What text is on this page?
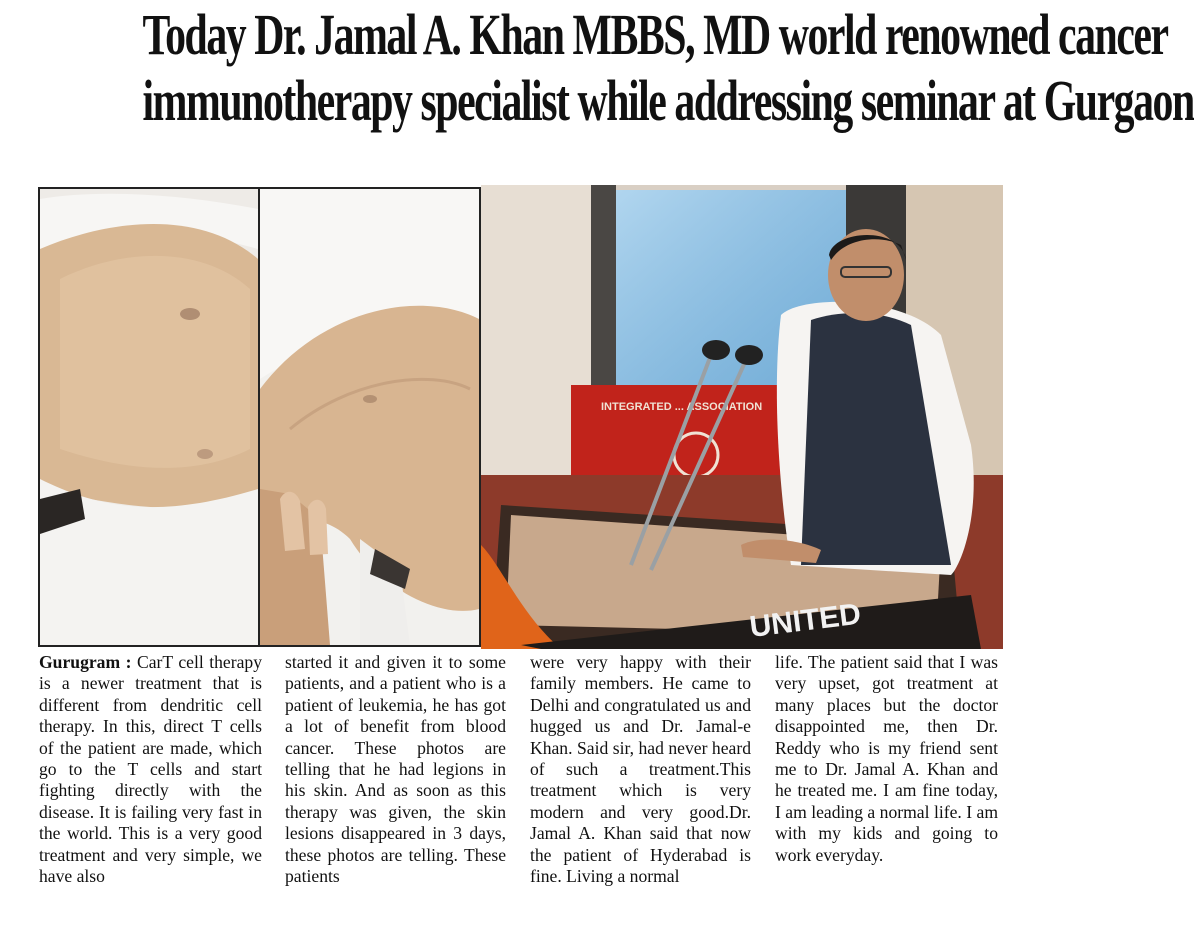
Today Dr. Jamal A. Khan MBBS, MD world renowned cancer
immunotherapy specialist while addressing seminar at Gurgaon
INTEGRATED ... ASSOCIATION
UNITED
Gurugram : CarT cell therapy is a newer treatment that is different from dendritic cell therapy. In this, direct T cells of the patient are made, which go to the T cells and start fighting directly with the disease. It is failing very fast in the world. This is a very good treatment and very simple, we have also
started it and given it to some patients, and a patient who is a patient of leukemia, he has got a lot of benefit from blood cancer. These photos are telling that he had legions in his skin. And as soon as this therapy was given, the skin lesions disappeared in 3 days, these photos are telling. These patients
were very happy with their family members. He came to Delhi and congratulated us and hugged us and Dr. Jamal-e Khan. Said sir, had never heard of such a treatment.This treatment which is very modern and very good.Dr. Jamal A. Khan said that now the patient of Hyderabad is fine. Living a normal
life. The patient said that I was very upset, got treatment at many places but the doctor disappointed me, then Dr. Reddy who is my friend sent me to Dr. Jamal A. Khan and he treated me. I am fine today, I am leading a normal life. I am with my kids and going to work everyday.
